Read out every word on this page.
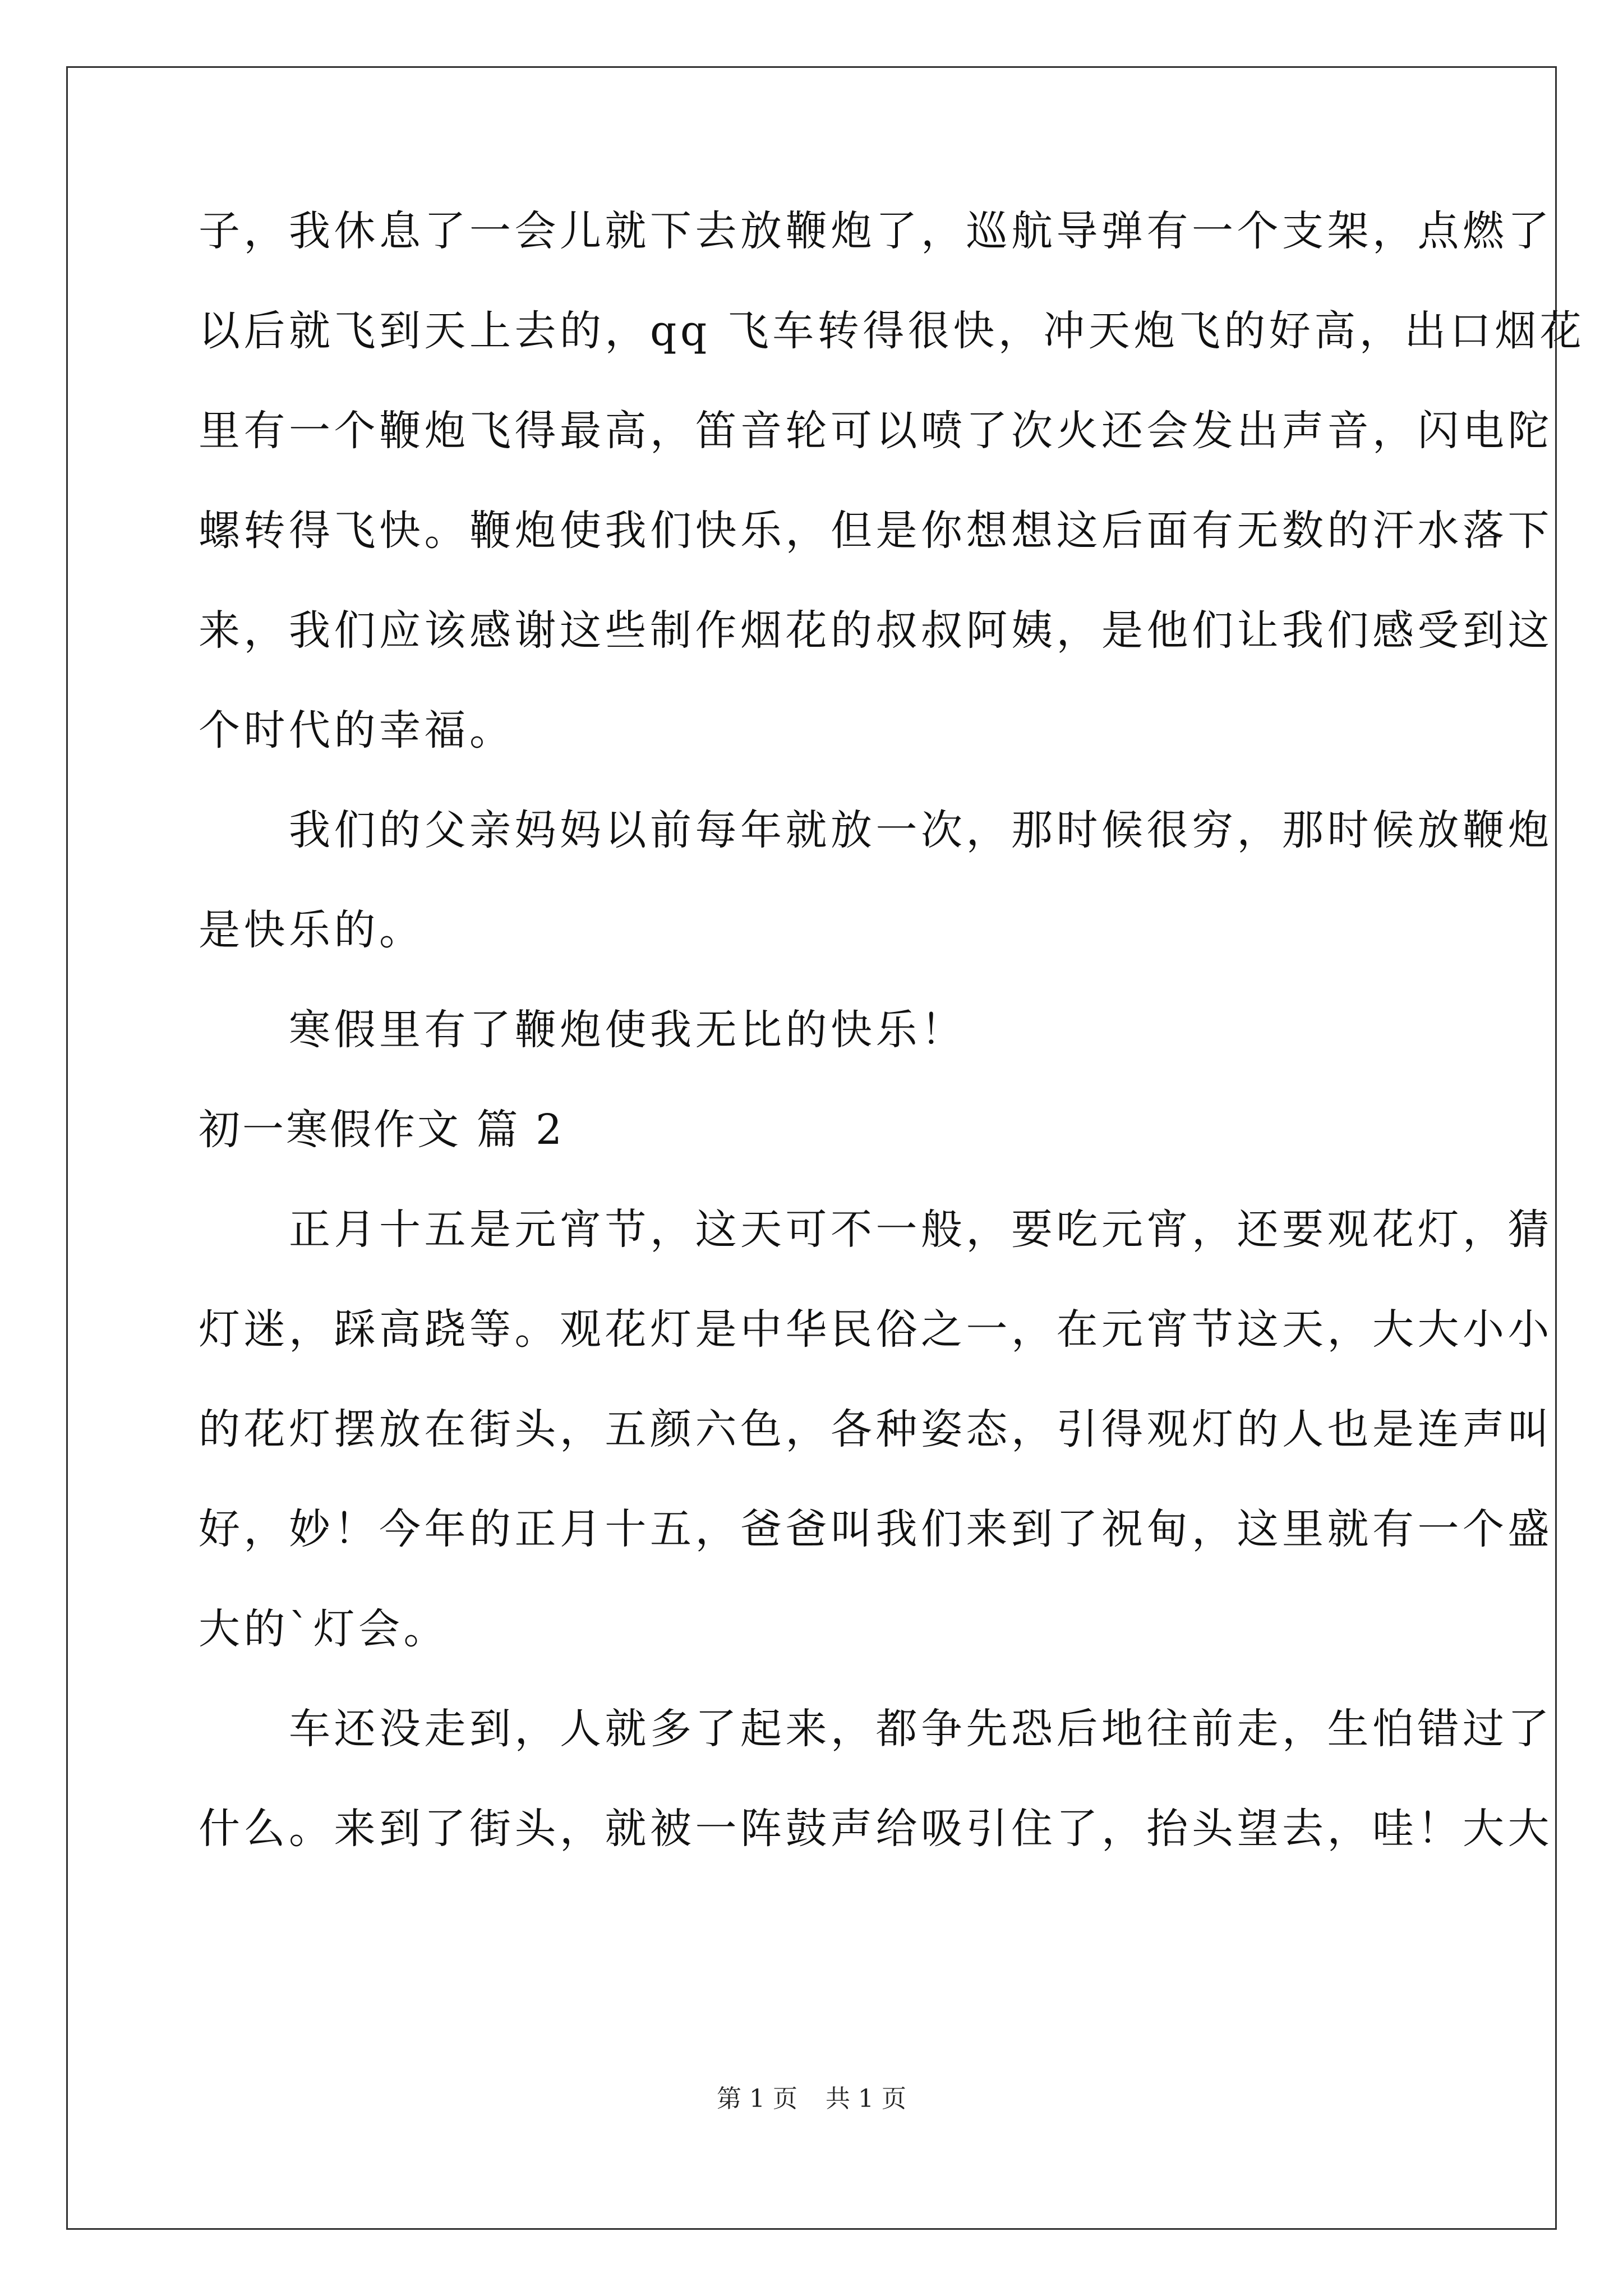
子，我休息了一会儿就下去放鞭炮了，巡航导弹有一个支架，点燃了
以后就飞到天上去的，qq 飞车转得很快，冲天炮飞的好高，出口烟花
里有一个鞭炮飞得最高，笛音轮可以喷了次火还会发出声音，闪电陀
螺转得飞快。鞭炮使我们快乐，但是你想想这后面有无数的汗水落下
来，我们应该感谢这些制作烟花的叔叔阿姨，是他们让我们感受到这
个时代的幸福。
　　我们的父亲妈妈以前每年就放一次，那时候很穷，那时候放鞭炮
是快乐的。
　　寒假里有了鞭炮使我无比的快乐！
初一寒假作文 篇 2
　　正月十五是元宵节，这天可不一般，要吃元宵，还要观花灯，猜
灯迷，踩高跷等。观花灯是中华民俗之一，在元宵节这天，大大小小
的花灯摆放在街头，五颜六色，各种姿态，引得观灯的人也是连声叫
好，妙！今年的正月十五，爸爸叫我们来到了祝甸，这里就有一个盛
大的`灯会。
　　车还没走到，人就多了起来，都争先恐后地往前走，生怕错过了
什么。来到了街头，就被一阵鼓声给吸引住了，抬头望去，哇！大大
第 1 页 共 1 页
